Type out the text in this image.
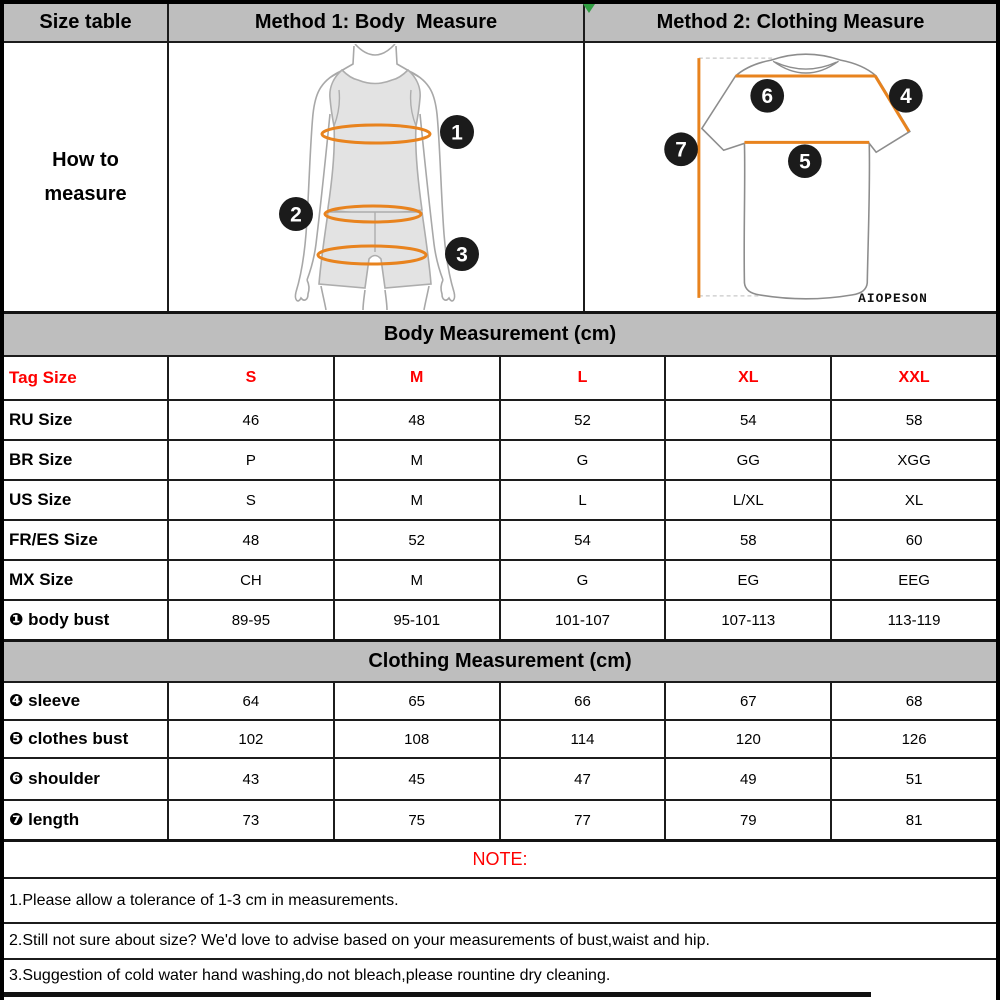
Size table	Method 1: Body  Measure	Method 2: Clothing Measure
How to
measure
1
2
3
6	4
5
7
AIOPESON
Body Measurement (cm)
Tag Size	S	M	L	XL	XXL
RU Size	46	48	52	54	58
BR Size	P	M	G	GG	XGG
US Size	S	M	L	L/XL	XL
FR/ES Size	48	52	54	58	60
MX Size	CH	M	G	EG	EEG
❶ body bust	89-95	95-101	101-107	107-113	113-119
Clothing Measurement (cm)
❹ sleeve	64	65	66	67	68
❺ clothes bust	102	108	114	120	126
❻ shoulder	43	45	47	49	51
❼ length	73	75	77	79	81
NOTE:
1.Please allow a tolerance of 1-3 cm in measurements.
2.Still not sure about size? We'd love to advise based on your measurements of bust,waist and hip.
3.Suggestion of cold water hand washing,do not bleach,please rountine dry cleaning.
